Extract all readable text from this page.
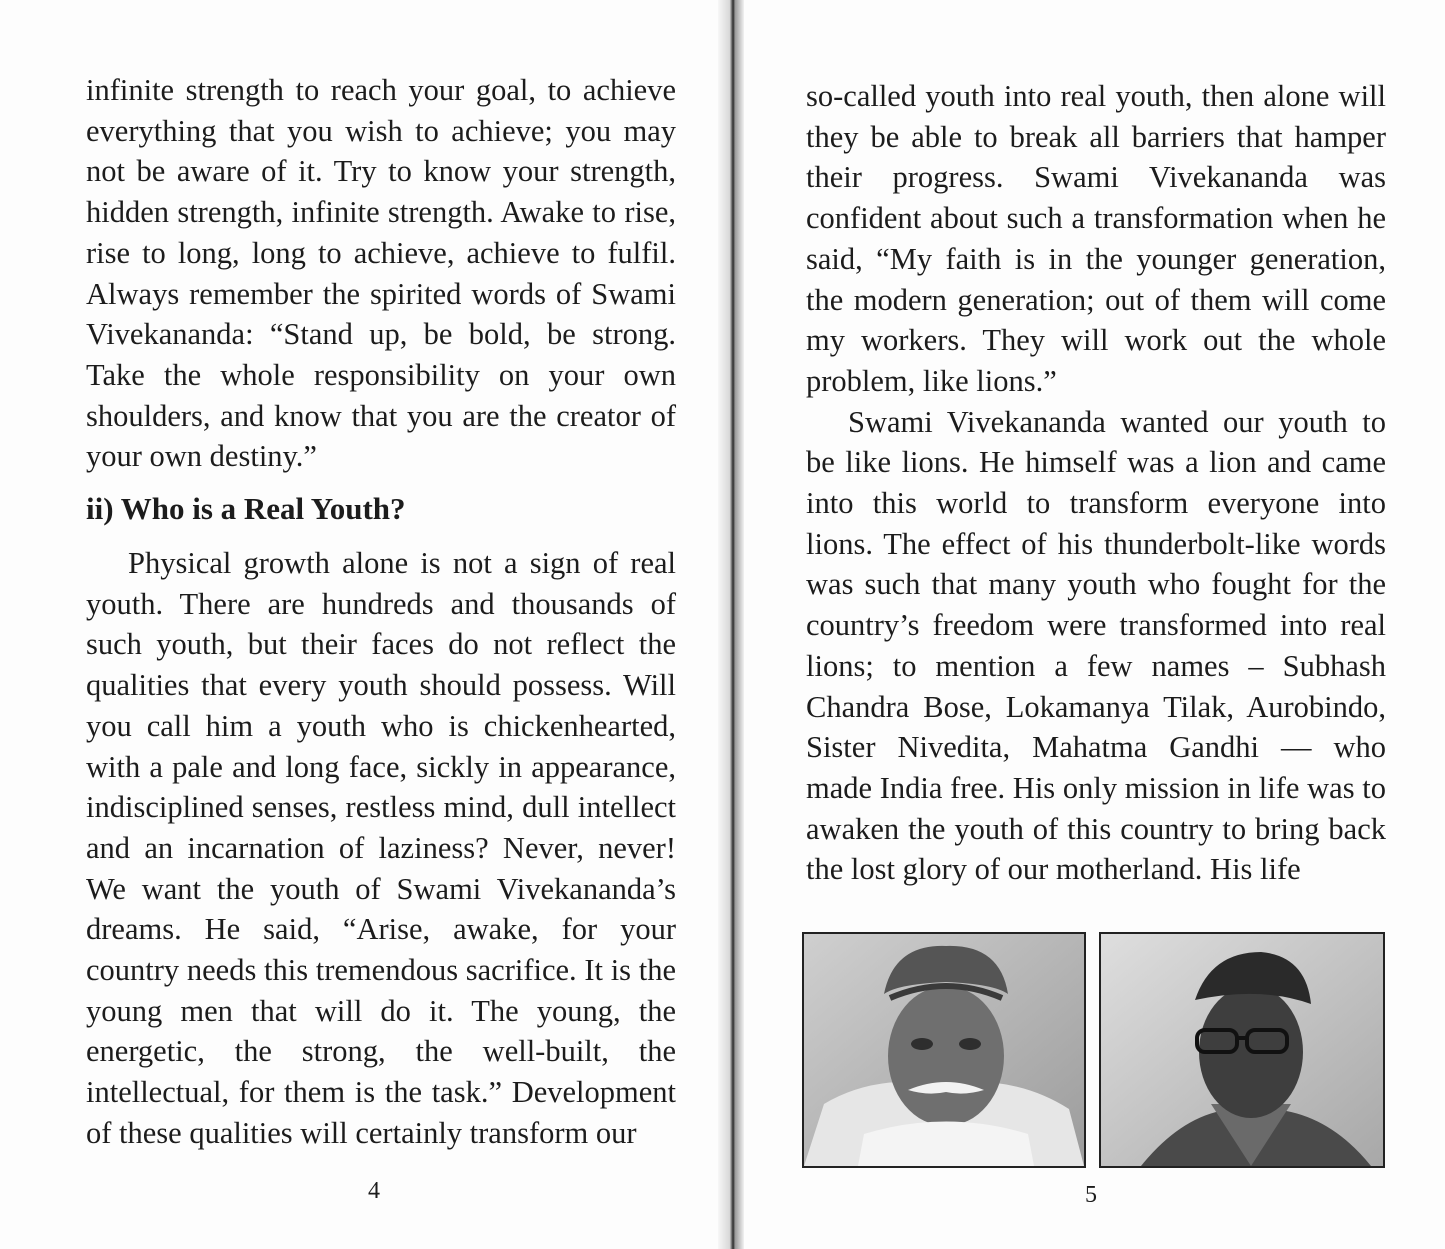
infinite strength to reach your goal, to achieve everything that you wish to achieve; you may not be aware of it. Try to know your strength, hidden strength, infinite strength. Awake to rise, rise to long, long to achieve, achieve to fulfil. Always remember the spirited words of Swami Vivekananda: “Stand up, be bold, be strong. Take the whole responsibility on your own shoulders, and know that you are the creator of your own destiny.”

ii) Who is a Real Youth?

Physical growth alone is not a sign of real youth. There are hundreds and thousands of such youth, but their faces do not reflect the qualities that every youth should possess. Will you call him a youth who is chickenhearted, with a pale and long face, sickly in appearance, indisciplined senses, restless mind, dull intellect and an incarnation of laziness? Never, never! We want the youth of Swami Vivekananda’s dreams. He said, “Arise, awake, for your country needs this tremendous sacrifice. It is the young men that will do it. The young, the energetic, the strong, the well-built, the intellectual, for them is the task.” Development of these qualities will certainly transform our

4

so-called youth into real youth, then alone will they be able to break all barriers that hamper their progress. Swami Vivekananda was confident about such a transformation when he said, “My faith is in the younger generation, the modern generation; out of them will come my workers. They will work out the whole problem, like lions.”

Swami Vivekananda wanted our youth to be like lions. He himself was a lion and came into this world to transform everyone into lions. The effect of his thunderbolt-like words was such that many youth who fought for the country’s freedom were transformed into real lions; to mention a few names – Subhash Chandra Bose, Lokamanya Tilak, Aurobindo, Sister Nivedita, Mahatma Gandhi — who made India free. His only mission in life was to awaken the youth of this country to bring back the lost glory of our motherland. His life

5
